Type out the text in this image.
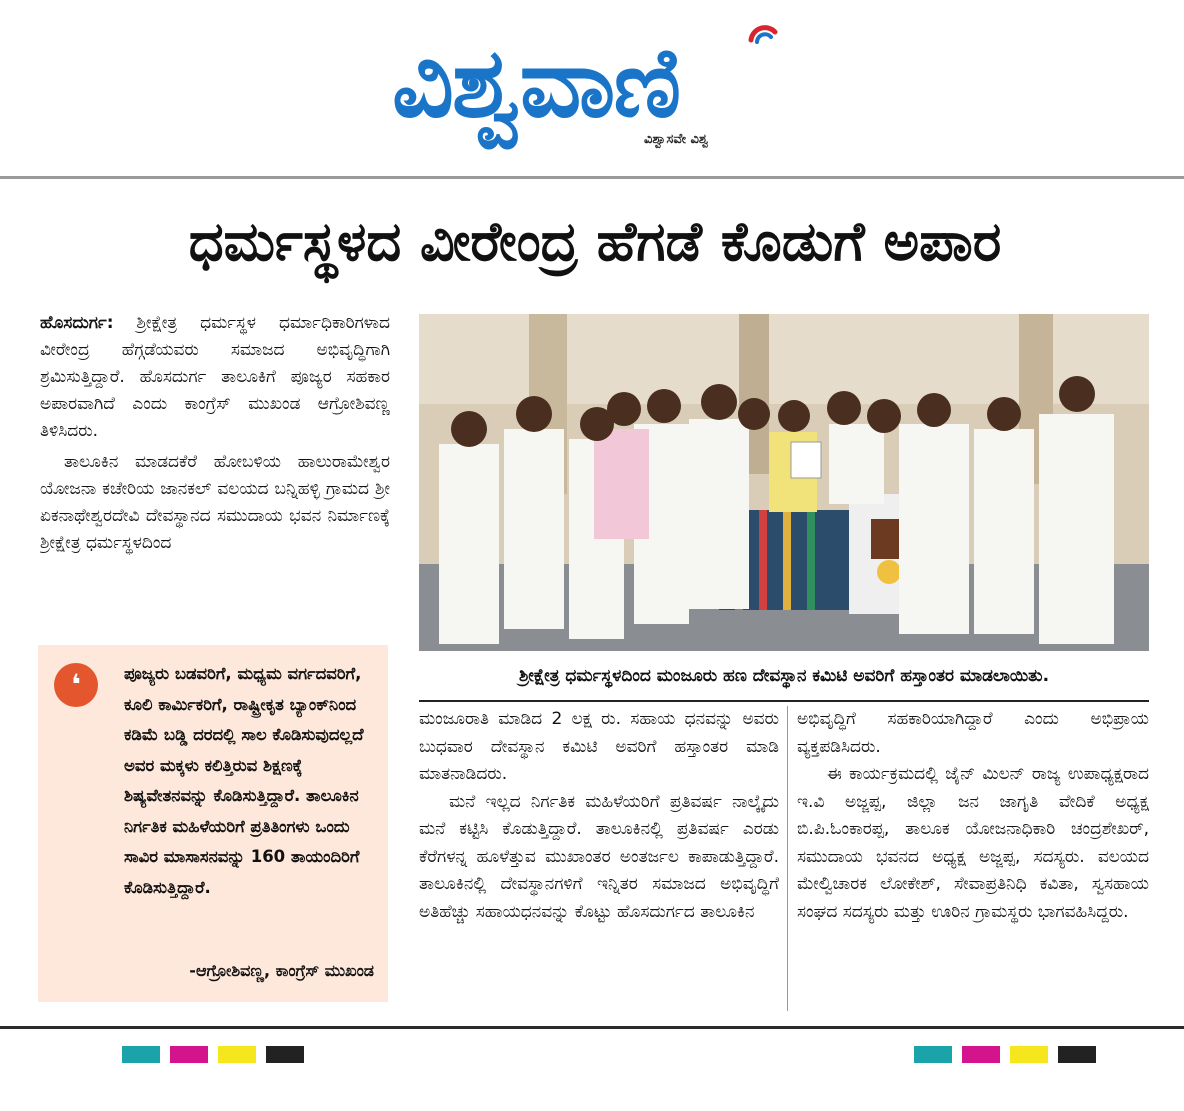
ವಿಶ್ವವಾಣಿ
ವಿಶ್ವಾಸವೇ ವಿಶ್ವ
ಧರ್ಮಸ್ಥಳದ ವೀರೇಂದ್ರ ಹೆಗಡೆ ಕೊಡುಗೆ ಅಪಾರ

ಹೊಸದುರ್ಗ: ಶ್ರೀಕ್ಷೇತ್ರ ಧರ್ಮಸ್ಥಳ ಧರ್ಮಾಧಿಕಾರಿಗಳಾದ ವೀರೇಂದ್ರ ಹೆಗ್ಗಡೆಯವರು ಸಮಾಜದ ಅಭಿವೃದ್ಧಿಗಾಗಿ ಶ್ರಮಿಸುತ್ತಿದ್ದಾರೆ. ಹೊಸದುರ್ಗ ತಾಲೂಕಿಗೆ ಪೂಜ್ಯರ ಸಹಕಾರ ಅಪಾರವಾಗಿದೆ ಎಂದು ಕಾಂಗ್ರೆಸ್ ಮುಖಂಡ ಆಗ್ರೋಶಿವಣ್ಣ ತಿಳಿಸಿದರು.

ತಾಲೂಕಿನ ಮಾಡದಕೆರೆ ಹೋಬಳಿಯ ಹಾಲುರಾಮೇಶ್ವರ ಯೋಜನಾ ಕಚೇರಿಯ ಜಾನಕಲ್ ವಲಯದ ಬನ್ನಿಹಳ್ಳಿ ಗ್ರಾಮದ ಶ್ರೀ ಏಕನಾಥೇಶ್ವರದೇವಿ ದೇವಸ್ಥಾನದ ಸಮುದಾಯ ಭವನ ನಿರ್ಮಾಣಕ್ಕೆ ಶ್ರೀಕ್ಷೇತ್ರ ಧರ್ಮಸ್ಥಳದಿಂದ

ಶ್ರೀಕ್ಷೇತ್ರ ಧರ್ಮಸ್ಥಳದಿಂದ ಮಂಜೂರು ಹಣ ದೇವಸ್ಥಾನ ಕಮಿಟಿ ಅವರಿಗೆ ಹಸ್ತಾಂತರ ಮಾಡಲಾಯಿತು.
❛	ಪೂಜ್ಯರು ಬಡವರಿಗೆ, ಮಧ್ಯಮ ವರ್ಗದವರಿಗೆ, ಕೂಲಿ ಕಾರ್ಮಿಕರಿಗೆ, ರಾಷ್ಟ್ರೀಕೃತ ಬ್ಯಾಂಕ್‌ನಿಂದ ಕಡಿಮೆ ಬಡ್ಡಿ ದರದಲ್ಲಿ ಸಾಲ ಕೊಡಿಸುವುದಲ್ಲದೆ ಅವರ ಮಕ್ಕಳು ಕಲಿತ್ತಿರುವ ಶಿಕ್ಷಣಕ್ಕೆ ಶಿಷ್ಯವೇತನವನ್ನು ಕೊಡಿಸುತ್ತಿದ್ದಾರೆ. ತಾಲೂಕಿನ ನಿರ್ಗತಿಕ ಮಹಿಳೆಯರಿಗೆ ಪ್ರತಿತಿಂಗಳು ಒಂದು ಸಾವಿರ ಮಾಸಾಸನವನ್ನು 160 ತಾಯಂದಿರಿಗೆ ಕೊಡಿಸುತ್ತಿದ್ದಾರೆ.
-ಆಗ್ರೋಶಿವಣ್ಣ, ಕಾಂಗ್ರೆಸ್ ಮುಖಂಡ

ಮಂಜೂರಾತಿ ಮಾಡಿದ 2 ಲಕ್ಷ ರು. ಸಹಾಯ ಧನವನ್ನು ಅವರು ಬುಧವಾರ ದೇವಸ್ಥಾನ ಕಮಿಟಿ ಅವರಿಗೆ ಹಸ್ತಾಂತರ ಮಾಡಿ ಮಾತನಾಡಿದರು.

ಮನೆ ಇಲ್ಲದ ನಿರ್ಗತಿಕ ಮಹಿಳೆಯರಿಗೆ ಪ್ರತಿವರ್ಷ ನಾಲ್ಕೈದು ಮನೆ ಕಟ್ಟಿಸಿ ಕೊಡುತ್ತಿದ್ದಾರೆ. ತಾಲೂಕಿನಲ್ಲಿ ಪ್ರತಿವರ್ಷ ಎರಡು ಕೆರೆಗಳನ್ನ ಹೂಳೆತ್ತುವ ಮುಖಾಂತರ ಅಂತರ್ಜಲ ಕಾಪಾಡುತ್ತಿದ್ದಾರೆ. ತಾಲೂಕಿನಲ್ಲಿ ದೇವಸ್ಥಾನಗಳಿಗೆ ಇನ್ನಿತರ ಸಮಾಜದ ಅಭಿವೃದ್ಧಿಗೆ ಅತಿಹೆಚ್ಚು ಸಹಾಯಧನವನ್ನು ಕೊಟ್ಟು ಹೊಸದುರ್ಗದ ತಾಲೂಕಿನ

ಅಭಿವೃದ್ಧಿಗೆ ಸಹಕಾರಿಯಾಗಿದ್ದಾರೆ ಎಂದು ಅಭಿಪ್ರಾಯ ವ್ಯಕ್ತಪಡಿಸಿದರು.

ಈ ಕಾರ್ಯಕ್ರಮದಲ್ಲಿ ಜೈನ್ ಮಿಲನ್ ರಾಜ್ಯ ಉಪಾಧ್ಯಕ್ಷರಾದ ಇ.ವಿ ಅಜ್ಜಪ್ಪ, ಜಿಲ್ಲಾ ಜನ ಜಾಗೃತಿ ವೇದಿಕೆ ಅಧ್ಯಕ್ಷ ಬಿ.ಪಿ.ಓಂಕಾರಪ್ಪ, ತಾಲೂಕ ಯೋಜನಾಧಿಕಾರಿ ಚಂದ್ರಶೇಖರ್, ಸಮುದಾಯ ಭವನದ ಅಧ್ಯಕ್ಷ ಅಜ್ಜಪ್ಪ, ಸದಸ್ಯರು. ವಲಯದ ಮೇಲ್ವಿಚಾರಕ ಲೋಕೇಶ್, ಸೇವಾಪ್ರತಿನಿಧಿ ಕವಿತಾ, ಸ್ವಸಹಾಯ ಸಂಘದ ಸದಸ್ಯರು ಮತ್ತು ಊರಿನ ಗ್ರಾಮಸ್ಥರು ಭಾಗವಹಿಸಿದ್ದರು.
